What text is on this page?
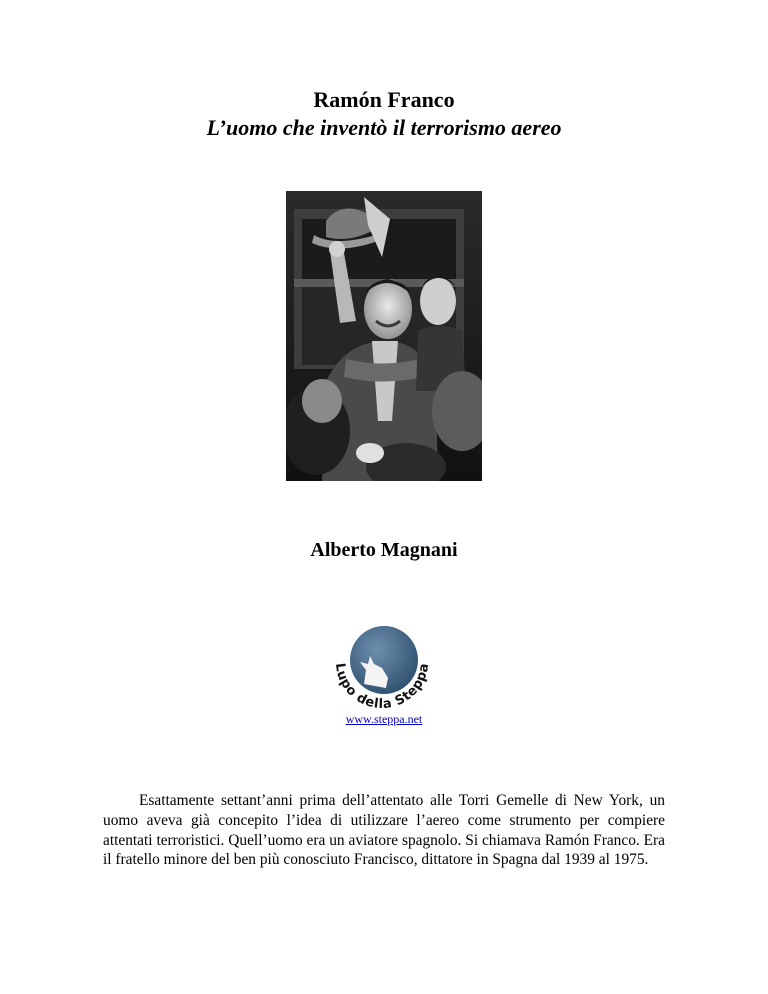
Ramón Franco
L’uomo che inventò il terrorismo aereo
Alberto Magnani
Lupo della Steppa
www.steppa.net

Esattamente settant’anni prima dell’attentato alle Torri Gemelle di New York, un uomo aveva già concepito l’idea di utilizzare l’aereo come strumento per compiere attentati terroristici. Quell’uomo era un aviatore spagnolo. Si chiamava Ramón Franco. Era il fratello minore del ben più conosciuto Francisco, dittatore in Spagna dal 1939 al 1975.
